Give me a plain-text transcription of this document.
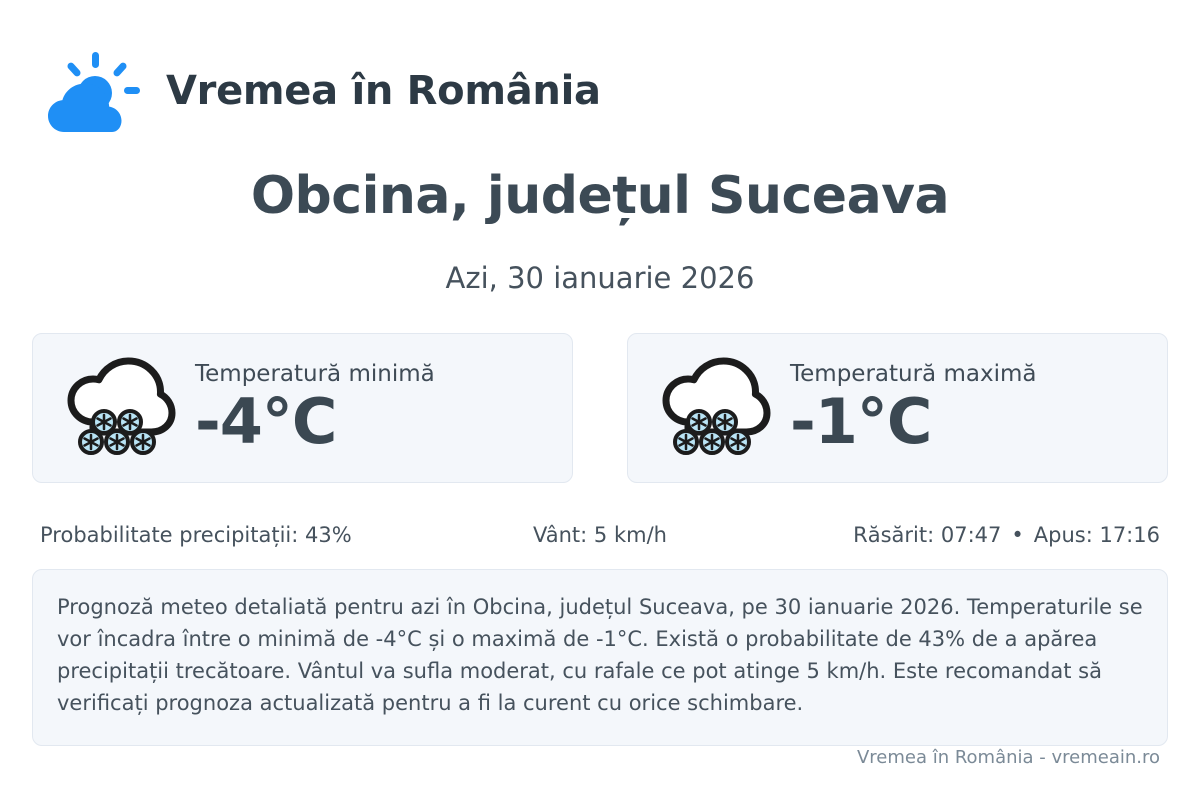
Vremea în România
Obcina, județul Suceava
Azi, 30 ianuarie 2026
Temperatură minimă
-4°C
Temperatură maximă
-1°C
Probabilitate precipitații: 43%	Vânt: 5 km/h	Răsărit: 07:47 • Apus: 17:16
Prognoză meteo detaliată pentru azi în Obcina, județul Suceava, pe 30 ianuarie 2026. Temperaturile se vor încadra între o minimă de -4°C și o maximă de -1°C. Există o probabilitate de 43% de a apărea precipitații trecătoare. Vântul va sufla moderat, cu rafale ce pot atinge 5 km/h. Este recomandat să verificați prognoza actualizată pentru a fi la curent cu orice schimbare.
Vremea în România - vremeain.ro
